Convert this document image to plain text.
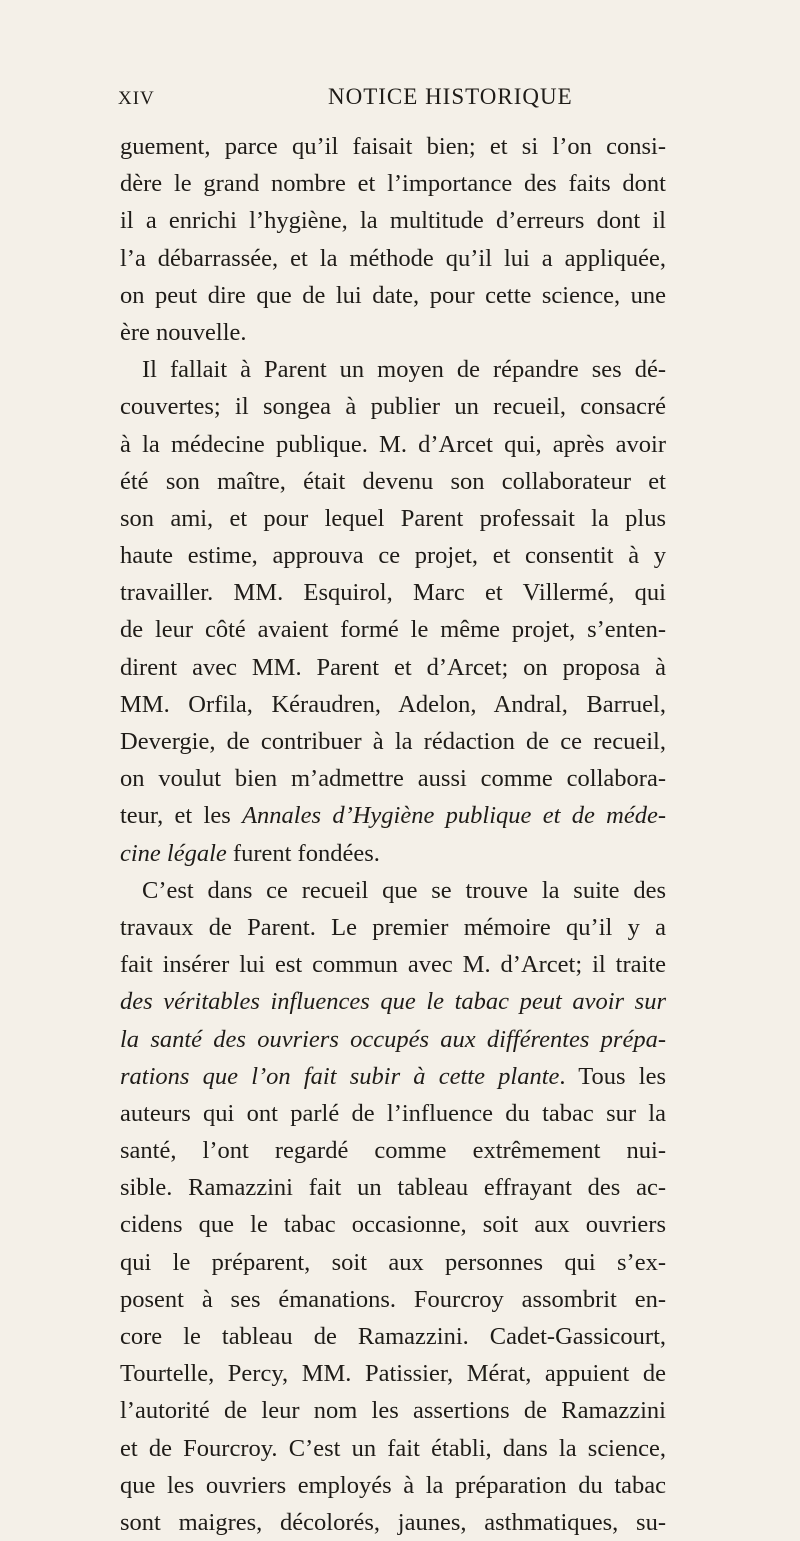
XIV	NOTICE HISTORIQUE
guement, parce qu’il faisait bien; et si l’on consi-
dère le grand nombre et l’importance des faits dont
il a enrichi l’hygiène, la multitude d’erreurs dont il
l’a débarrassée, et la méthode qu’il lui a appliquée,
on peut dire que de lui date, pour cette science, une
ère nouvelle.
Il fallait à Parent un moyen de répandre ses dé-
couvertes; il songea à publier un recueil, consacré
à la médecine publique. M. d’Arcet qui, après avoir
été son maître, était devenu son collaborateur et
son ami, et pour lequel Parent professait la plus
haute estime, approuva ce projet, et consentit à y
travailler. MM. Esquirol, Marc et Villermé, qui
de leur côté avaient formé le même projet, s’enten-
dirent avec MM. Parent et d’Arcet; on proposa à
MM. Orfila, Kéraudren, Adelon, Andral, Barruel,
Devergie, de contribuer à la rédaction de ce recueil,
on voulut bien m’admettre aussi comme collabora-
teur, et les Annales d’Hygiène publique et de méde-
cine légale furent fondées.
C’est dans ce recueil que se trouve la suite des
travaux de Parent. Le premier mémoire qu’il y a
fait insérer lui est commun avec M. d’Arcet; il traite
des véritables influences que le tabac peut avoir sur
la santé des ouvriers occupés aux différentes prépa-
rations que l’on fait subir à cette plante. Tous les
auteurs qui ont parlé de l’influence du tabac sur la
santé, l’ont regardé comme extrêmement nui-
sible. Ramazzini fait un tableau effrayant des ac-
cidens que le tabac occasionne, soit aux ouvriers
qui le préparent, soit aux personnes qui s’ex-
posent à ses émanations. Fourcroy assombrit en-
core le tableau de Ramazzini. Cadet-Gassicourt,
Tourtelle, Percy, MM. Patissier, Mérat, appuient de
l’autorité de leur nom les assertions de Ramazzini
et de Fourcroy. C’est un fait établi, dans la science,
que les ouvriers employés à la préparation du tabac
sont maigres, décolorés, jaunes, asthmatiques, su-
